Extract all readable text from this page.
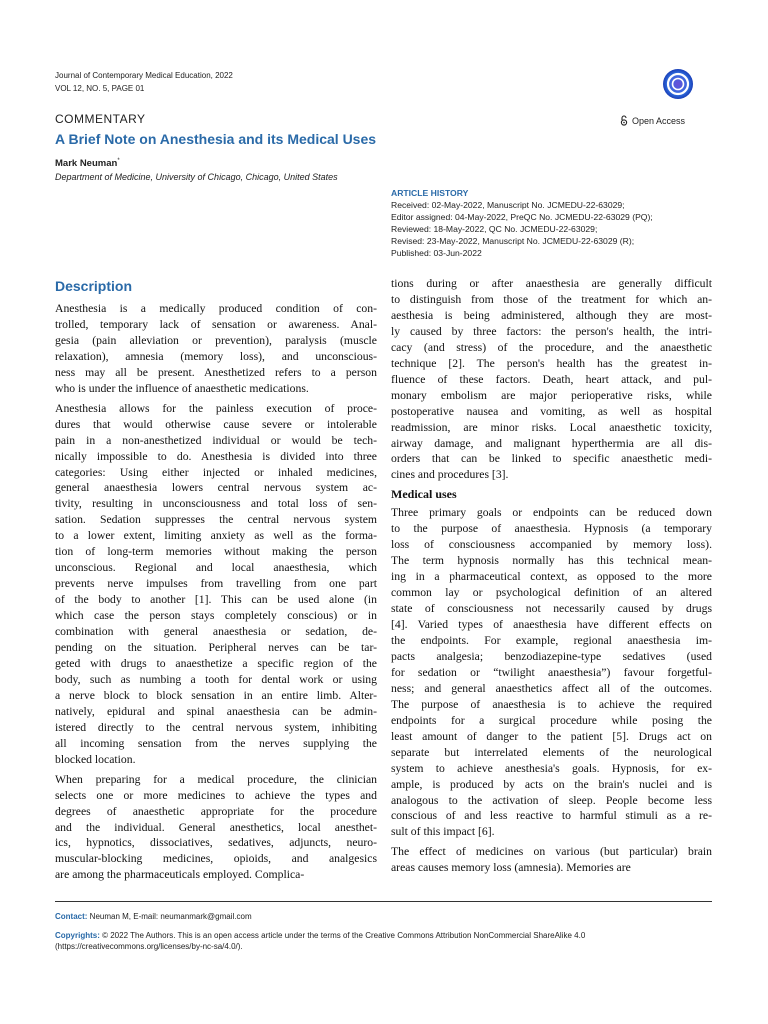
Journal of Contemporary Medical Education, 2022
VOL 12, NO. 5, PAGE 01
COMMENTARY	Open Access
A Brief Note on Anesthesia and its Medical Uses
Mark Neuman*
Department of Medicine, University of Chicago, Chicago, United States
ARTICLE HISTORY
Received: 02-May-2022, Manuscript No. JCMEDU-22-63029;
Editor assigned: 04-May-2022, PreQC No. JCMEDU-22-63029 (PQ);
Reviewed: 18-May-2022, QC No. JCMEDU-22-63029;
Revised: 23-May-2022, Manuscript No. JCMEDU-22-63029 (R);
Published: 03-Jun-2022
Description

Anesthesia is a medically produced condition of con-
trolled, temporary lack of sensation or awareness. Anal-
gesia (pain alleviation or prevention), paralysis (muscle
relaxation), amnesia (memory loss), and unconscious-
ness may all be present. Anesthetized refers to a person
who is under the influence of anaesthetic medications.

Anesthesia allows for the painless execution of proce-
dures that would otherwise cause severe or intolerable
pain in a non-anesthetized individual or would be tech-
nically impossible to do. Anesthesia is divided into three
categories: Using either injected or inhaled medicines,
general anaesthesia lowers central nervous system ac-
tivity, resulting in unconsciousness and total loss of sen-
sation. Sedation suppresses the central nervous system
to a lower extent, limiting anxiety as well as the forma-
tion of long-term memories without making the person
unconscious. Regional and local anaesthesia, which
prevents nerve impulses from travelling from one part
of the body to another [1]. This can be used alone (in
which case the person stays completely conscious) or in
combination with general anaesthesia or sedation, de-
pending on the situation. Peripheral nerves can be tar-
geted with drugs to anaesthetize a specific region of the
body, such as numbing a tooth for dental work or using
a nerve block to block sensation in an entire limb. Alter-
natively, epidural and spinal anaesthesia can be admin-
istered directly to the central nervous system, inhibiting
all incoming sensation from the nerves supplying the
blocked location.

When preparing for a medical procedure, the clinician
selects one or more medicines to achieve the types and
degrees of anaesthetic appropriate for the procedure
and the individual. General anesthetics, local anesthet-
ics, hypnotics, dissociatives, sedatives, adjuncts, neuro-
muscular-blocking medicines, opioids, and analgesics
are among the pharmaceuticals employed. Complica-

tions during or after anaesthesia are generally difficult
to distinguish from those of the treatment for which an-
aesthesia is being administered, although they are most-
ly caused by three factors: the person's health, the intri-
cacy (and stress) of the procedure, and the anaesthetic
technique [2]. The person's health has the greatest in-
fluence of these factors. Death, heart attack, and pul-
monary embolism are major perioperative risks, while
postoperative nausea and vomiting, as well as hospital
readmission, are minor risks. Local anaesthetic toxicity,
airway damage, and malignant hyperthermia are all dis-
orders that can be linked to specific anaesthetic medi-
cines and procedures [3].

Medical uses

Three primary goals or endpoints can be reduced down
to the purpose of anaesthesia. Hypnosis (a temporary
loss of consciousness accompanied by memory loss).
The term hypnosis normally has this technical mean-
ing in a pharmaceutical context, as opposed to the more
common lay or psychological definition of an altered
state of consciousness not necessarily caused by drugs
[4]. Varied types of anaesthesia have different effects on
the endpoints. For example, regional anaesthesia im-
pacts analgesia; benzodiazepine-type sedatives (used
for sedation or “twilight anaesthesia”) favour forgetful-
ness; and general anaesthetics affect all of the outcomes.
The purpose of anaesthesia is to achieve the required
endpoints for a surgical procedure while posing the
least amount of danger to the patient [5]. Drugs act on
separate but interrelated elements of the neurological
system to achieve anesthesia's goals. Hypnosis, for ex-
ample, is produced by acts on the brain's nuclei and is
analogous to the activation of sleep. People become less
conscious of and less reactive to harmful stimuli as a re-
sult of this impact [6].

The effect of medicines on various (but particular) brain
areas causes memory loss (amnesia). Memories are

Contact: Neuman M, E-mail: neumanmark@gmail.com
Copyrights: © 2022 The Authors. This is an open access article under the terms of the Creative Commons Attribution NonCommercial ShareAlike 4.0
(https://creativecommons.org/licenses/by-nc-sa/4.0/).
